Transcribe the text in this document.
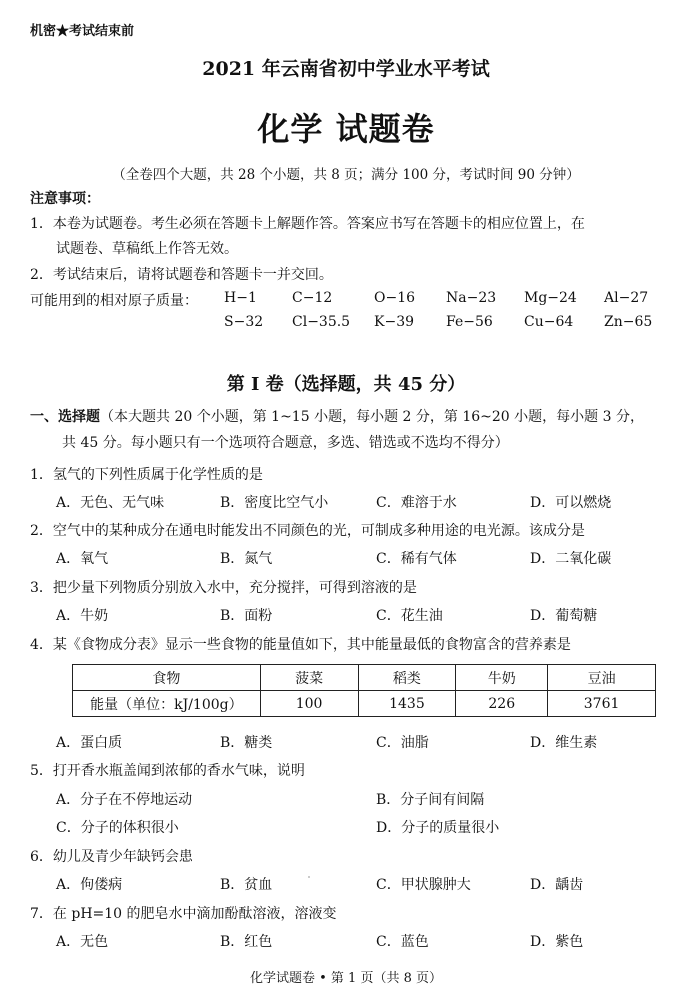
机密★考试结束前
2021 年云南省初中学业水平考试
化学 试题卷
（全卷四个大题，共 28 个小题，共 8 页；满分 100 分，考试时间 90 分钟）
注意事项：
1．本卷为试题卷。考生必须在答题卡上解题作答。答案应书写在答题卡的相应位置上，在
试题卷、草稿纸上作答无效。
2．考试结束后，请将试题卷和答题卡一并交回。
可能用到的相对原子质量： H−1	C−12	O−16 Na−23 Mg−24 Al−27
S−32 Cl−35.5 K−39 Fe−56 Cu−64 Zn−65
第 I 卷（选择题，共 45 分）
一、选择题（本大题共 20 个小题，第 1~15 小题，每小题 2 分，第 16~20 小题，每小题 3 分，
共 45 分。每小题只有一个选项符合题意，多选、错选或不选均不得分）
1．氢气的下列性质属于化学性质的是
A．无色、无气味	B．密度比空气小	C．难溶于水	D．可以燃烧
2．空气中的某种成分在通电时能发出不同颜色的光，可制成多种用途的电光源。该成分是
A．氧气	B．氮气	C．稀有气体	D．二氧化碳
3．把少量下列物质分别放入水中，充分搅拌，可得到溶液的是
A．牛奶	B．面粉	C．花生油	D．葡萄糖
4．某《食物成分表》显示一些食物的能量值如下，其中能量最低的食物富含的营养素是
食物	菠菜	稻类	牛奶	豆油
能量（单位：kJ/100g）	100	1435	226	3761
A．蛋白质	B．糖类	C．油脂	D．维生素
5．打开香水瓶盖闻到浓郁的香水气味，说明
A．分子在不停地运动	B．分子间有间隔
C．分子的体积很小	D．分子的质量很小
6．幼儿及青少年缺钙会患
A．佝偻病	B．贫血	C．甲状腺肿大	D．龋齿
7．在 pH=10 的肥皂水中滴加酚酞溶液，溶液变
A．无色	B．红色	C．蓝色	D．紫色
化学试题卷 • 第 1 页（共 8 页）
